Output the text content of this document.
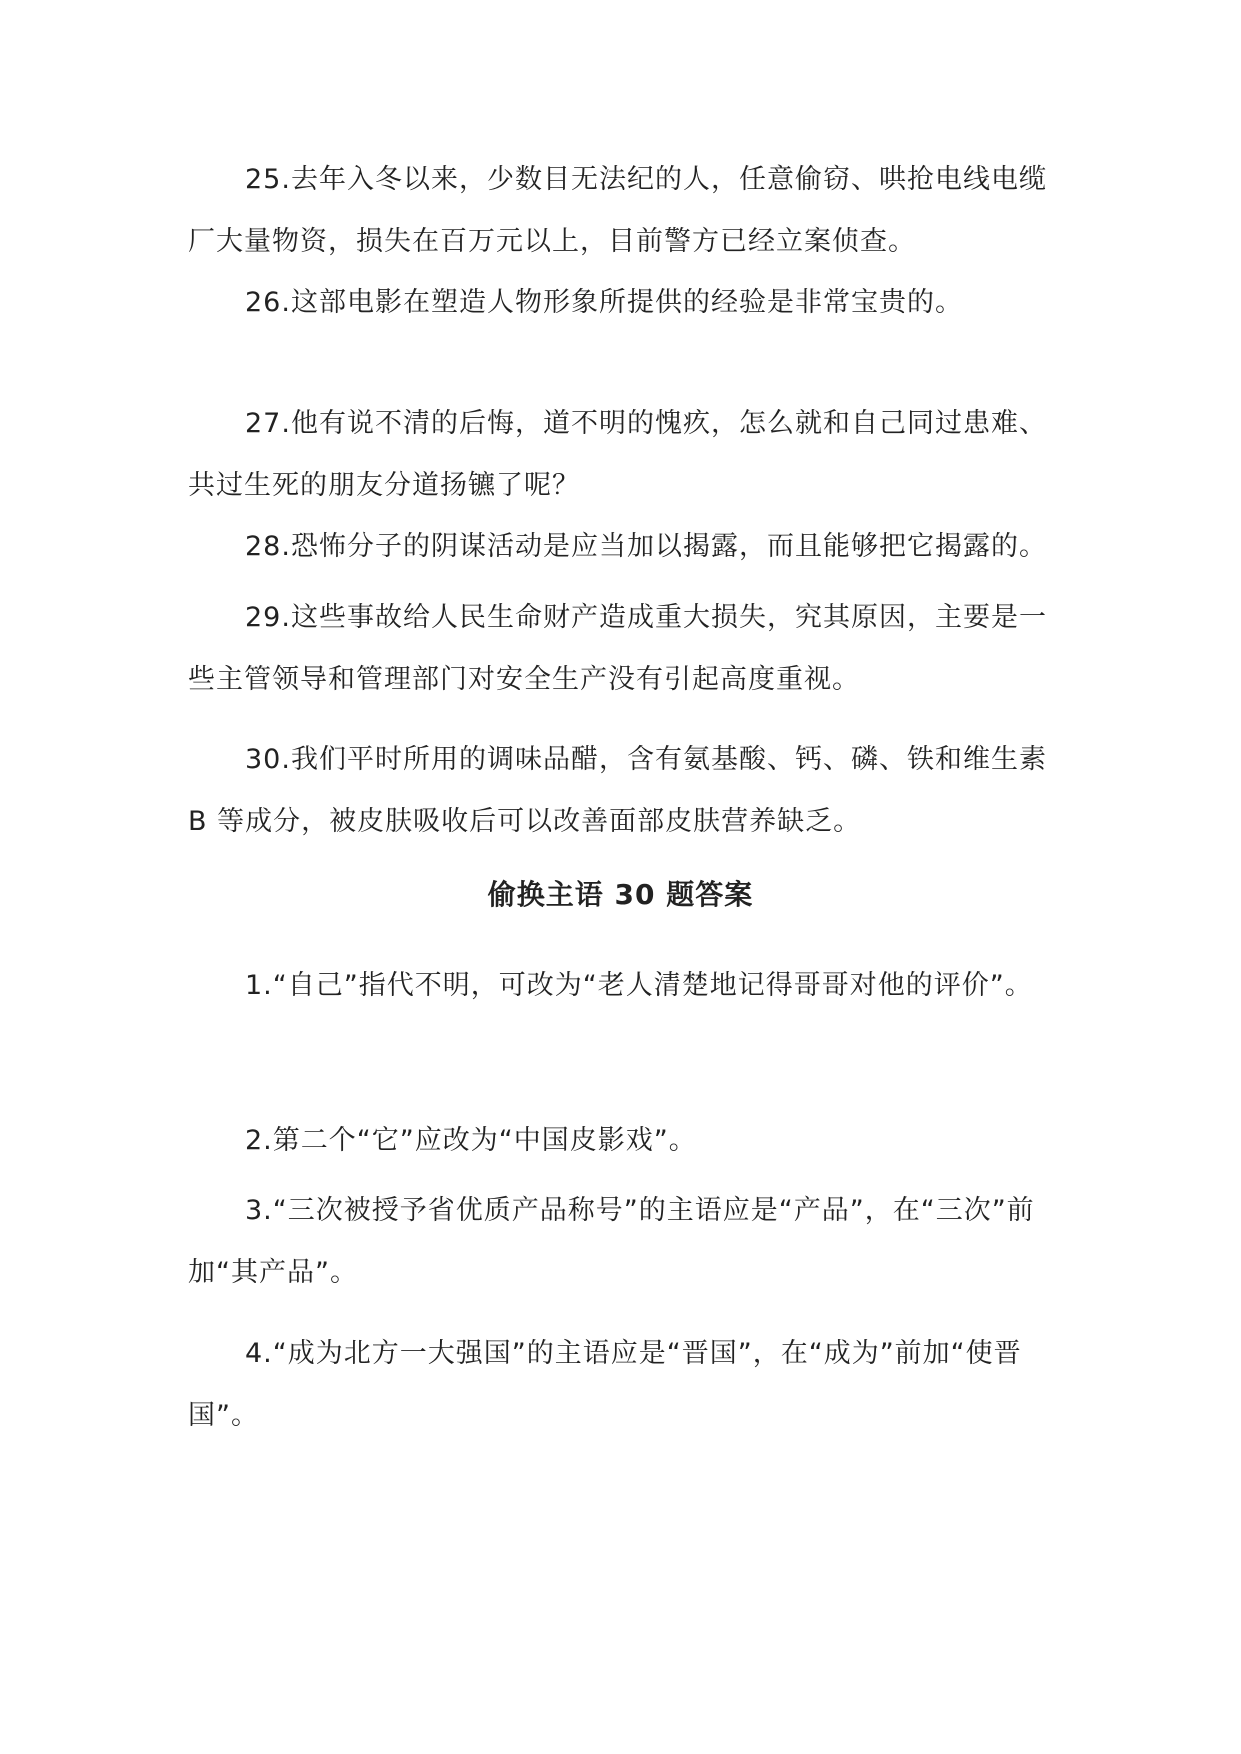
25.去年入冬以来，少数目无法纪的人，任意偷窃、哄抢电线电缆厂大量物资，损失在百万元以上，目前警方已经立案侦查。

26.这部电影在塑造人物形象所提供的经验是非常宝贵的。

27.他有说不清的后悔，道不明的愧疚，怎么就和自己同过患难、共过生死的朋友分道扬镳了呢？

28.恐怖分子的阴谋活动是应当加以揭露，而且能够把它揭露的。

29.这些事故给人民生命财产造成重大损失，究其原因，主要是一些主管领导和管理部门对安全生产没有引起高度重视。

30.我们平时所用的调味品醋，含有氨基酸、钙、磷、铁和维生素 B 等成分，被皮肤吸收后可以改善面部皮肤营养缺乏。

偷换主语 30 题答案

1.“自己”指代不明，可改为“老人清楚地记得哥哥对他的评价”。

2.第二个“它”应改为“中国皮影戏”。

3.“三次被授予省优质产品称号”的主语应是“产品”，在“三次”前加“其产品”。

4.“成为北方一大强国”的主语应是“晋国”，在“成为”前加“使晋国”。
